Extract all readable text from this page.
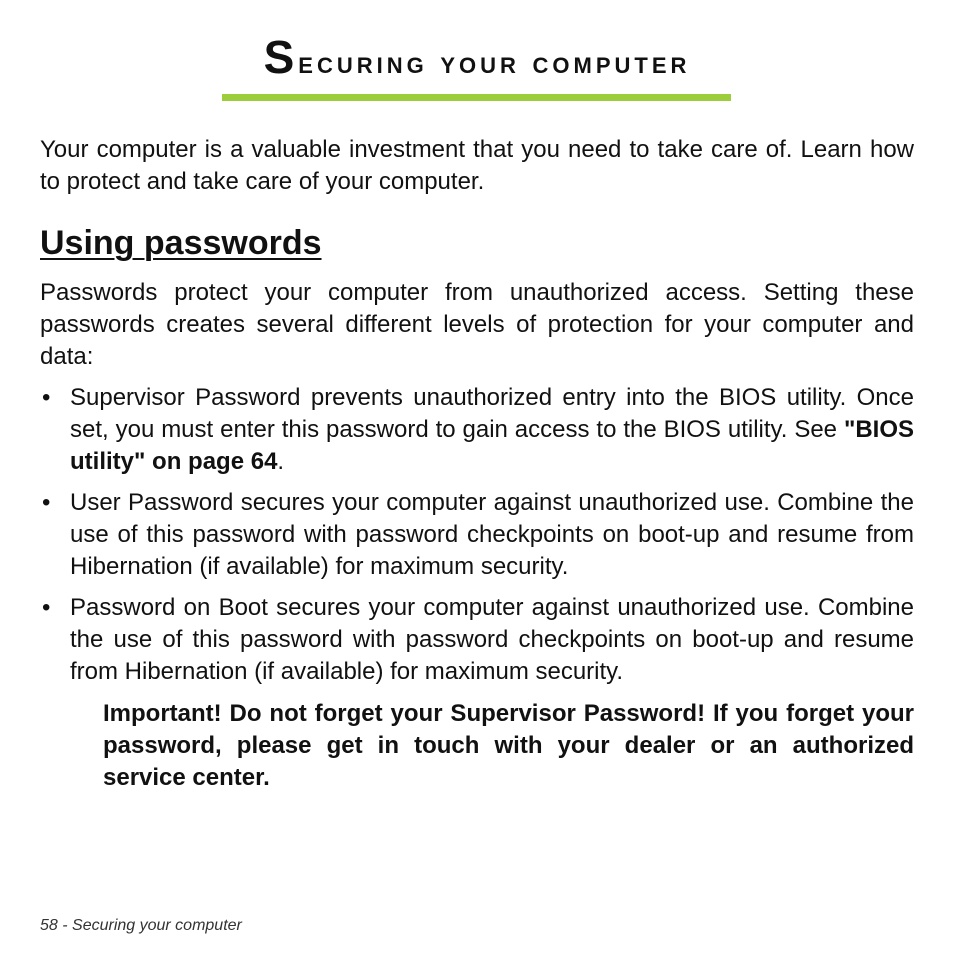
Securing your computer

Your computer is a valuable investment that you need to take care of. Learn how to protect and take care of your computer.

Using passwords

Passwords protect your computer from unauthorized access. Setting these passwords creates several different levels of protection for your computer and data:

• Supervisor Password prevents unauthorized entry into the BIOS utility. Once set, you must enter this password to gain access to the BIOS utility. See "BIOS utility" on page 64.
• User Password secures your computer against unauthorized use. Combine the use of this password with password checkpoints on boot-up and resume from Hibernation (if available) for maximum security.
• Password on Boot secures your computer against unauthorized use. Combine the use of this password with password checkpoints on boot-up and resume from Hibernation (if available) for maximum security.

Important! Do not forget your Supervisor Password! If you forget your password, please get in touch with your dealer or an authorized service center.

58 - Securing your computer
